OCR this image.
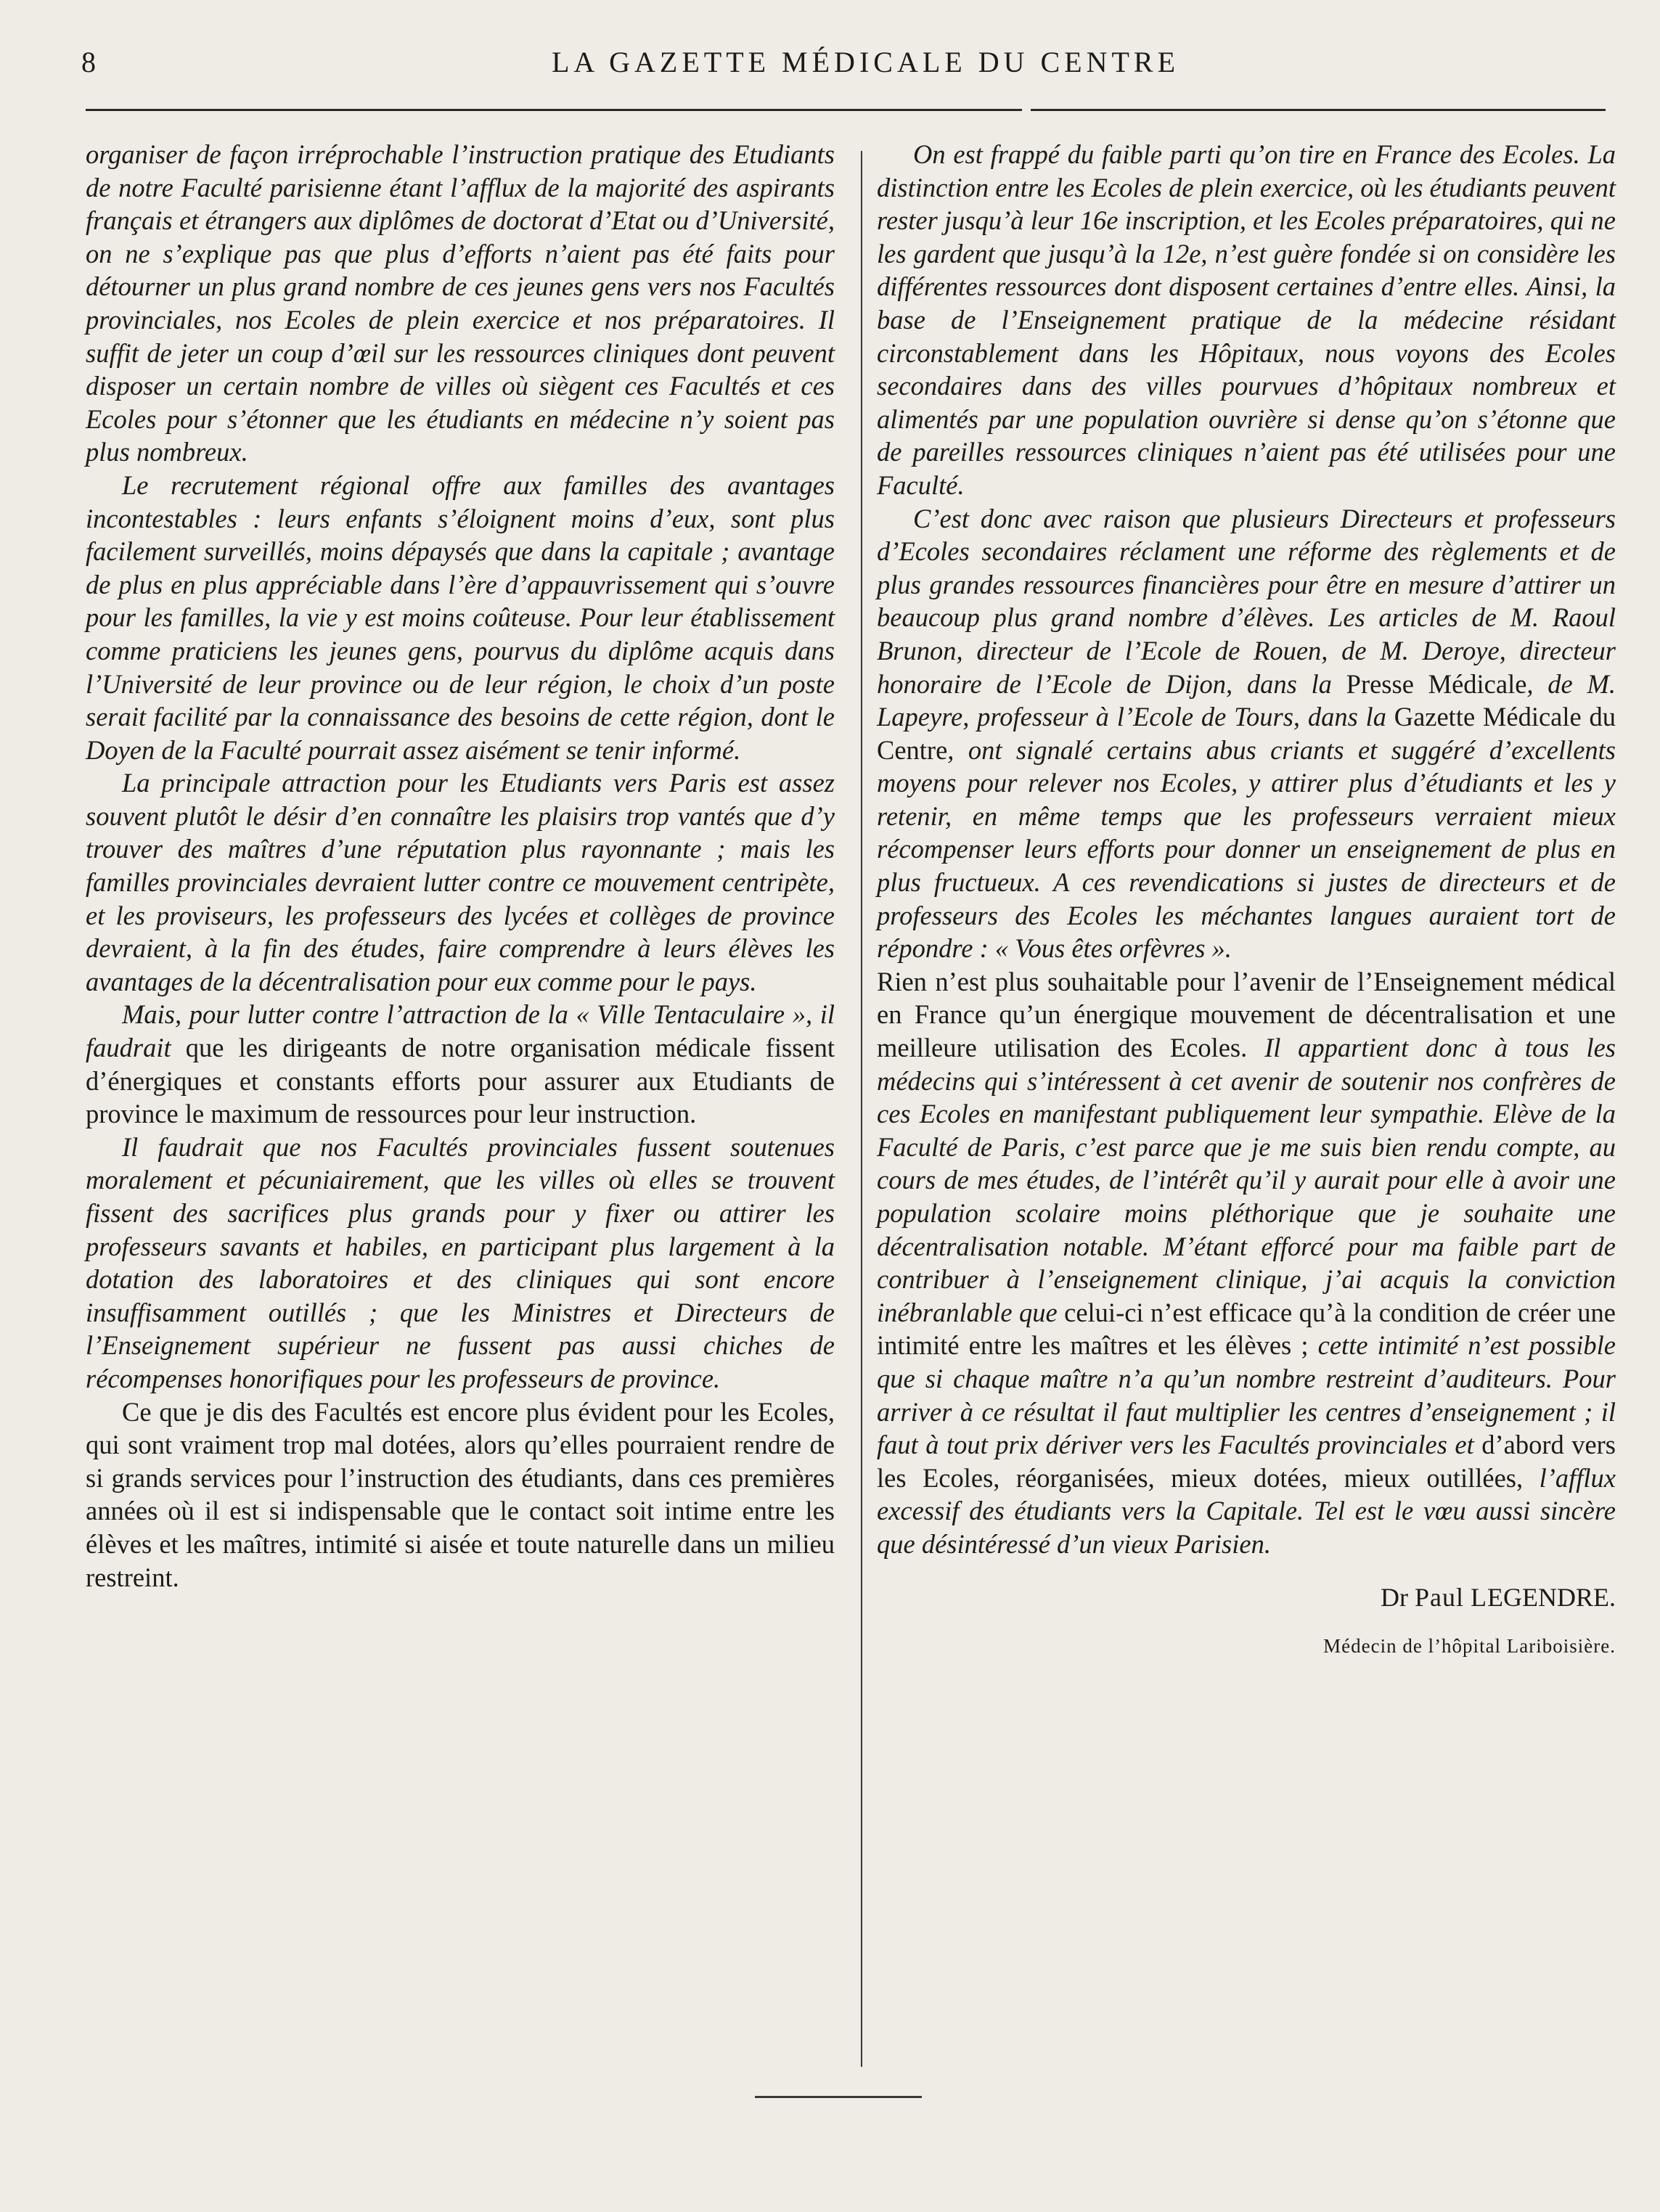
8	LA GAZETTE MÉDICALE DU CENTRE

organiser de façon irréprochable l’instruction pratique des Etudiants de notre Faculté parisienne étant l’afflux de la majorité des aspirants français et étrangers aux diplômes de doctorat d’Etat ou d’Université, on ne s’explique pas que plus d’efforts n’aient pas été faits pour détourner un plus grand nombre de ces jeunes gens vers nos Facultés provinciales, nos Ecoles de plein exercice et nos préparatoires. Il suffit de jeter un coup d’œil sur les ressources cliniques dont peuvent disposer un certain nombre de villes où siègent ces Facultés et ces Ecoles pour s’étonner que les étudiants en médecine n’y soient pas plus nombreux.

Le recrutement régional offre aux familles des avantages incontestables : leurs enfants s’éloignent moins d’eux, sont plus facilement surveillés, moins dépaysés que dans la capitale ; avantage de plus en plus appréciable dans l’ère d’appauvrissement qui s’ouvre pour les familles, la vie y est moins coûteuse. Pour leur établissement comme praticiens les jeunes gens, pourvus du diplôme acquis dans l’Université de leur province ou de leur région, le choix d’un poste serait facilité par la connaissance des besoins de cette région, dont le Doyen de la Faculté pourrait assez aisément se tenir informé.

La principale attraction pour les Etudiants vers Paris est assez souvent plutôt le désir d’en connaître les plaisirs trop vantés que d’y trouver des maîtres d’une réputation plus rayonnante ; mais les familles provinciales devraient lutter contre ce mouvement centripète, et les proviseurs, les professeurs des lycées et collèges de province devraient, à la fin des études, faire comprendre à leurs élèves les avantages de la décentralisation pour eux comme pour le pays.

Mais, pour lutter contre l’attraction de la « Ville Tentaculaire », il faudrait que les dirigeants de notre organisation médicale fissent d’énergiques et constants efforts pour assurer aux Etudiants de province le maximum de ressources pour leur instruction.

Il faudrait que nos Facultés provinciales fussent soutenues moralement et pécuniairement, que les villes où elles se trouvent fissent des sacrifices plus grands pour y fixer ou attirer les professeurs savants et habiles, en participant plus largement à la dotation des laboratoires et des cliniques qui sont encore insuffisamment outillés ; que les Ministres et Directeurs de l’Enseignement supérieur ne fussent pas aussi chiches de récompenses honorifiques pour les professeurs de province.

Ce que je dis des Facultés est encore plus évident pour les Ecoles, qui sont vraiment trop mal dotées, alors qu’elles pourraient rendre de si grands services pour l’instruction des étudiants, dans ces premières années où il est si indispensable que le contact soit intime entre les élèves et les maîtres, intimité si aisée et toute naturelle dans un milieu restreint.

On est frappé du faible parti qu’on tire en France des Ecoles. La distinction entre les Ecoles de plein exercice, où les étudiants peuvent rester jusqu’à leur 16e inscription, et les Ecoles préparatoires, qui ne les gardent que jusqu’à la 12e, n’est guère fondée si on considère les différentes ressources dont disposent certaines d’entre elles. Ainsi, la base de l’Enseignement pratique de la médecine résidant circonstablement dans les Hôpitaux, nous voyons des Ecoles secondaires dans des villes pourvues d’hôpitaux nombreux et alimentés par une population ouvrière si dense qu’on s’étonne que de pareilles ressources cliniques n’aient pas été utilisées pour une Faculté.

C’est donc avec raison que plusieurs Directeurs et professeurs d’Ecoles secondaires réclament une réforme des règlements et de plus grandes ressources financières pour être en mesure d’attirer un beaucoup plus grand nombre d’élèves. Les articles de M. Raoul Brunon, directeur de l’Ecole de Rouen, de M. Deroye, directeur honoraire de l’Ecole de Dijon, dans la Presse Médicale, de M. Lapeyre, professeur à l’Ecole de Tours, dans la Gazette Médicale du Centre, ont signalé certains abus criants et suggéré d’excellents moyens pour relever nos Ecoles, y attirer plus d’étudiants et les y retenir, en même temps que les professeurs verraient mieux récompenser leurs efforts pour donner un enseignement de plus en plus fructueux. A ces revendications si justes de directeurs et de professeurs des Ecoles les méchantes langues auraient tort de répondre : « Vous êtes orfèvres ».

Rien n’est plus souhaitable pour l’avenir de l’Enseignement médical en France qu’un énergique mouvement de décentralisation et une meilleure utilisation des Ecoles. Il appartient donc à tous les médecins qui s’intéressent à cet avenir de soutenir nos confrères de ces Ecoles en manifestant publiquement leur sympathie. Elève de la Faculté de Paris, c’est parce que je me suis bien rendu compte, au cours de mes études, de l’intérêt qu’il y aurait pour elle à avoir une population scolaire moins pléthorique que je souhaite une décentralisation notable. M’étant efforcé pour ma faible part de contribuer à l’enseignement clinique, j’ai acquis la conviction inébranlable que celui-ci n’est efficace qu’à la condition de créer une intimité entre les maîtres et les élèves ; cette intimité n’est possible que si chaque maître n’a qu’un nombre restreint d’auditeurs. Pour arriver à ce résultat il faut multiplier les centres d’enseignement ; il faut à tout prix dériver vers les Facultés provinciales et d’abord vers les Ecoles, réorganisées, mieux dotées, mieux outillées, l’afflux excessif des étudiants vers la Capitale. Tel est le vœu aussi sincère que désintéressé d’un vieux Parisien.

Dr Paul LEGENDRE.
Médecin de l’hôpital Lariboisière.
